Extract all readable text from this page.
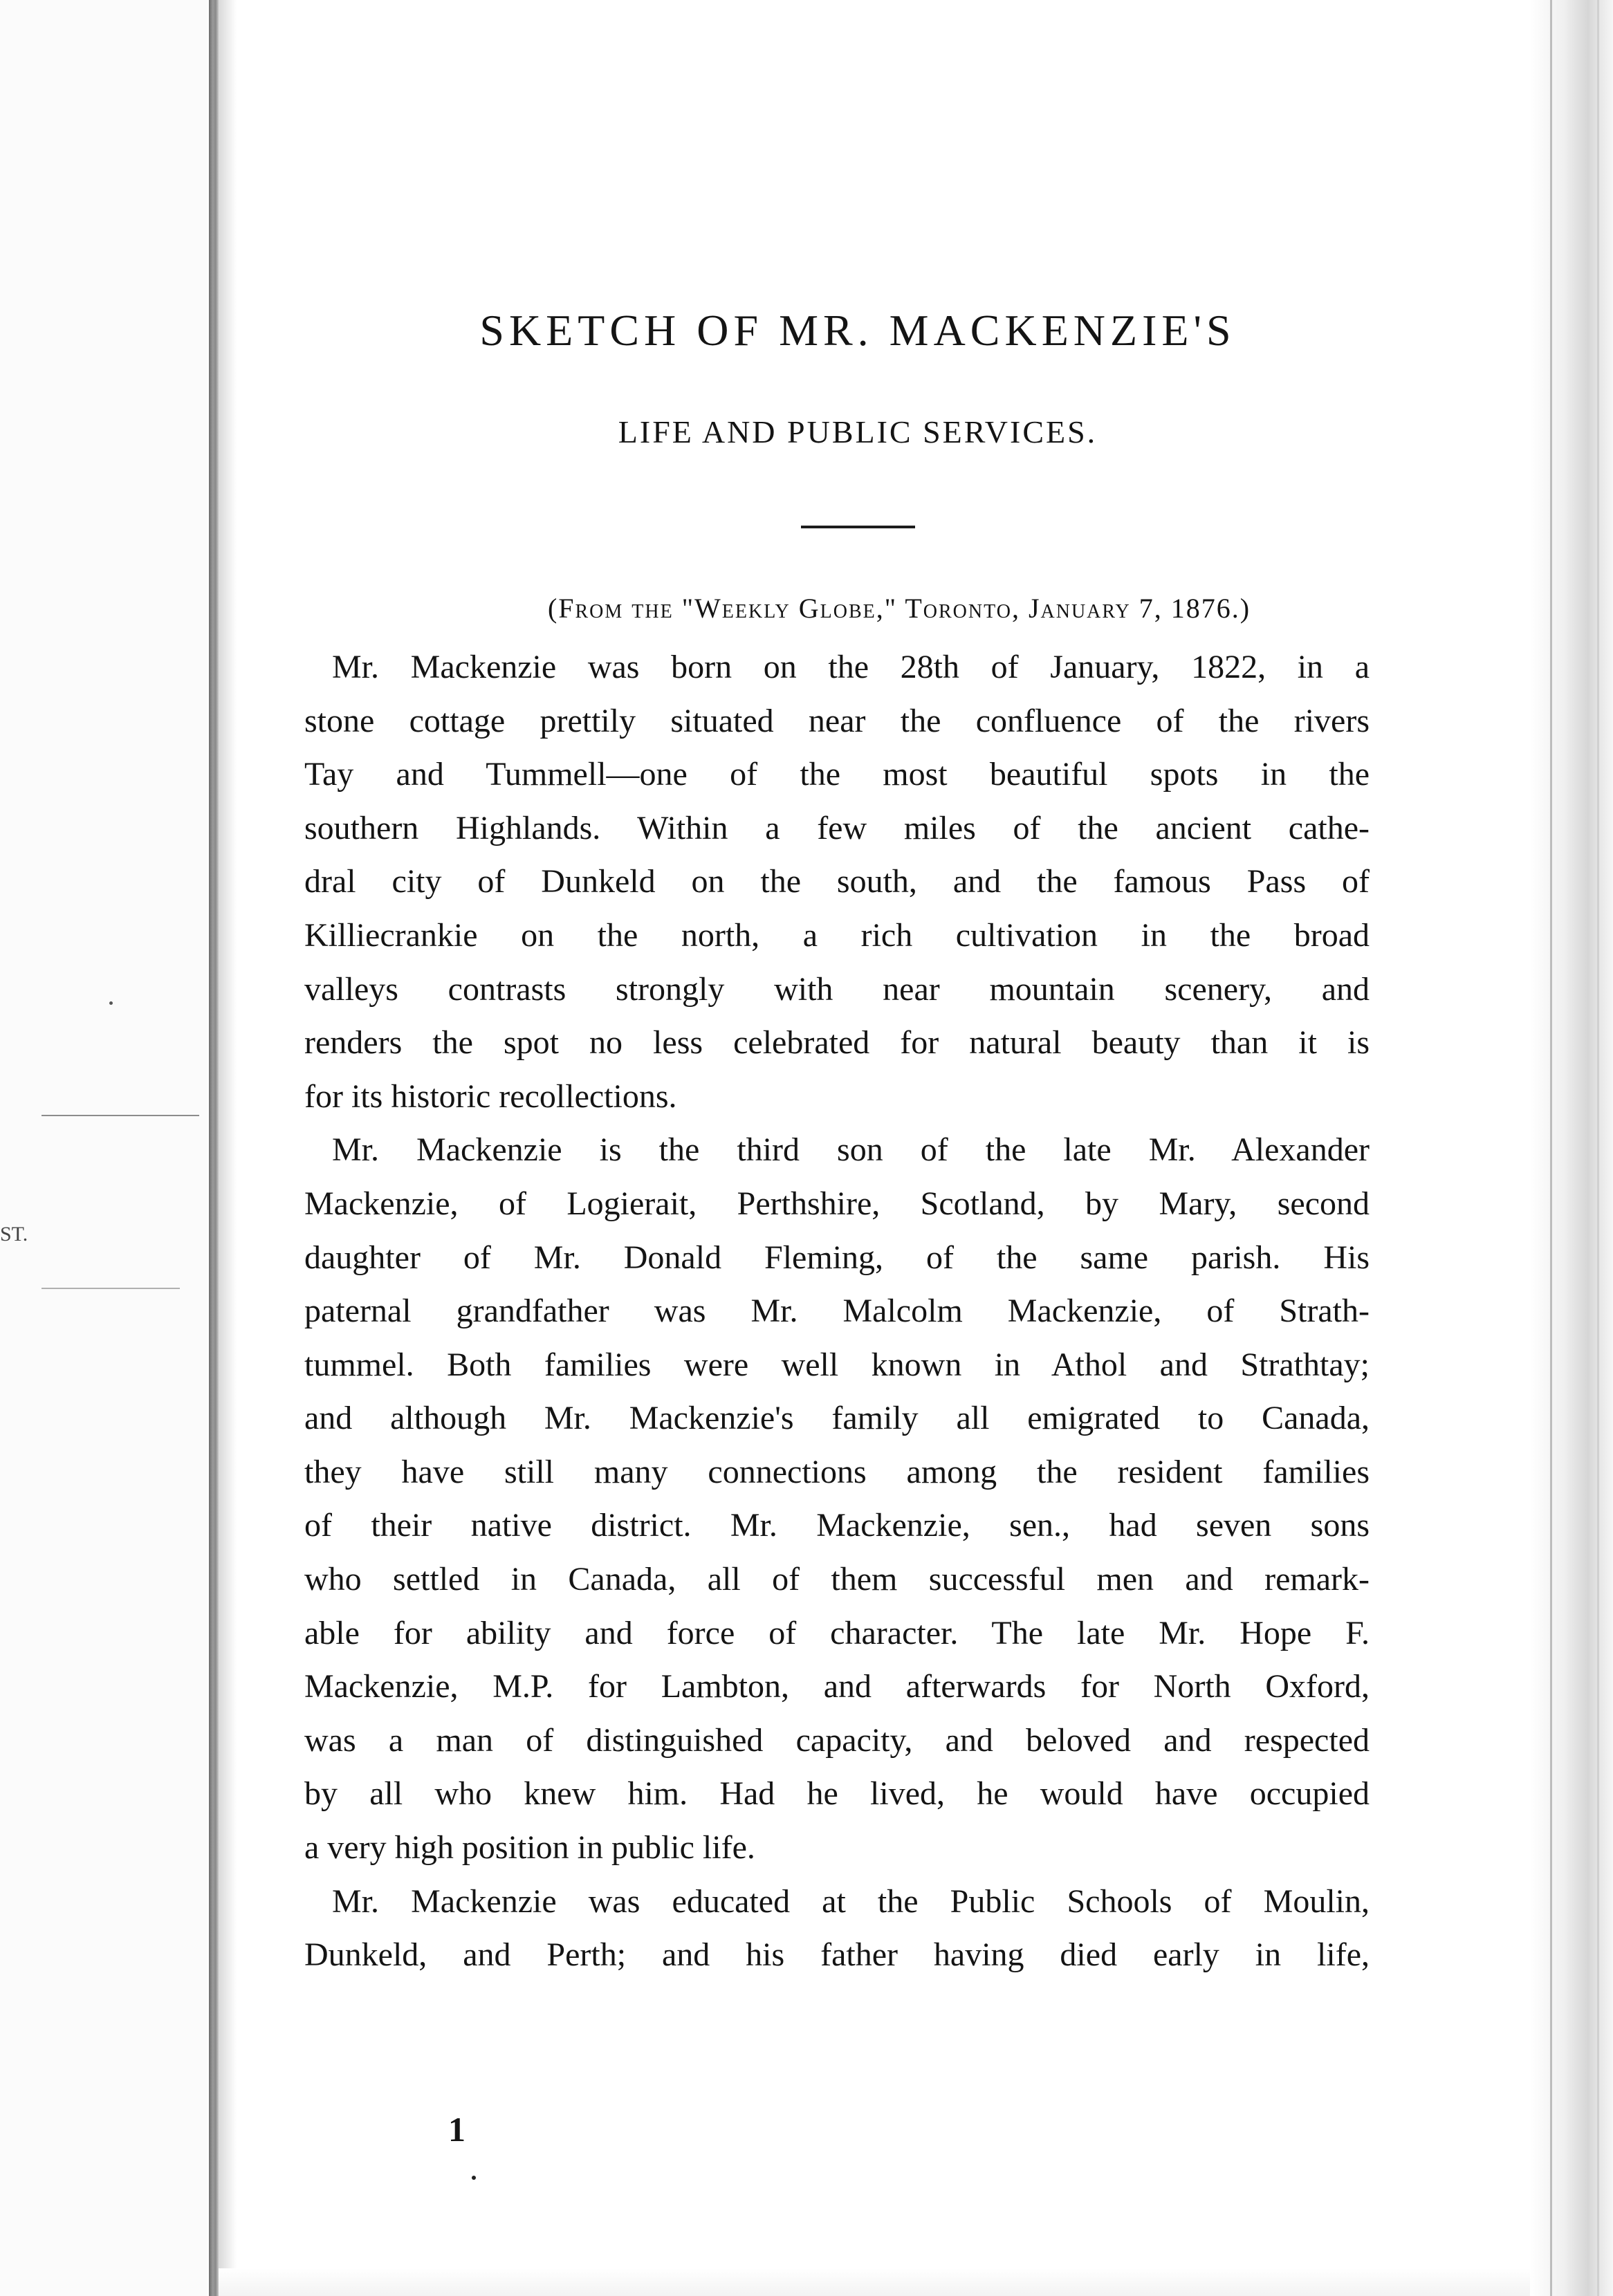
ST.
SKETCH OF MR. MACKENZIE'S
LIFE AND PUBLIC SERVICES.

(From the "Weekly Globe," Toronto, January 7, 1876.)

Mr. Mackenzie was born on the 28th of January, 1822, in a
stone cottage prettily situated near the confluence of the rivers
Tay and Tummell—one of the most beautiful spots in the
southern Highlands. Within a few miles of the ancient cathe-
dral city of Dunkeld on the south, and the famous Pass of
Killiecrankie on the north, a rich cultivation in the broad
valleys contrasts strongly with near mountain scenery, and
renders the spot no less celebrated for natural beauty than it is
for its historic recollections.

Mr. Mackenzie is the third son of the late Mr. Alexander
Mackenzie, of Logierait, Perthshire, Scotland, by Mary, second
daughter of Mr. Donald Fleming, of the same parish. His
paternal grandfather was Mr. Malcolm Mackenzie, of Strath-
tummel. Both families were well known in Athol and Strathtay;
and although Mr. Mackenzie's family all emigrated to Canada,
they have still many connections among the resident families
of their native district. Mr. Mackenzie, sen., had seven sons
who settled in Canada, all of them successful men and remark-
able for ability and force of character. The late Mr. Hope F.
Mackenzie, M.P. for Lambton, and afterwards for North Oxford,
was a man of distinguished capacity, and beloved and respected
by all who knew him. Had he lived, he would have occupied
a very high position in public life.

Mr. Mackenzie was educated at the Public Schools of Moulin,
Dunkeld, and Perth; and his father having died early in life,

1
